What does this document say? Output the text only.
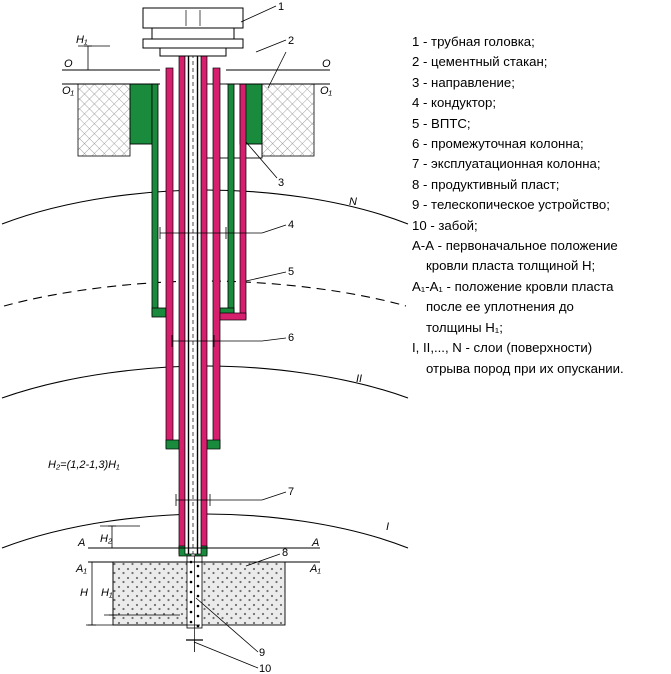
О
О₁
О
О₁
Н₁
А
А₁
А
А₁
Н₂
Н Н₁
Н₂=(1,2-1,3)Н₁
N
II
I
1
2
3
4
5
6
7
8
9
10
1 - трубная головка;
2 - цементный стакан;
3 - направление;
4 - кондуктор;
5 - ВПТС;
6 - промежуточная колонна;
7 - эксплуатационная колонна;
8 - продуктивный пласт;
9 - телескопическое устройство;
10 - забой;
А-А - первоначальное положение
кровли пласта толщиной Н;
А₁-А₁ - положение кровли пласта
после ее уплотнения до
толщины Н₁;
I, II,..., N - слои (поверхности)
отрыва пород при их опускании.
